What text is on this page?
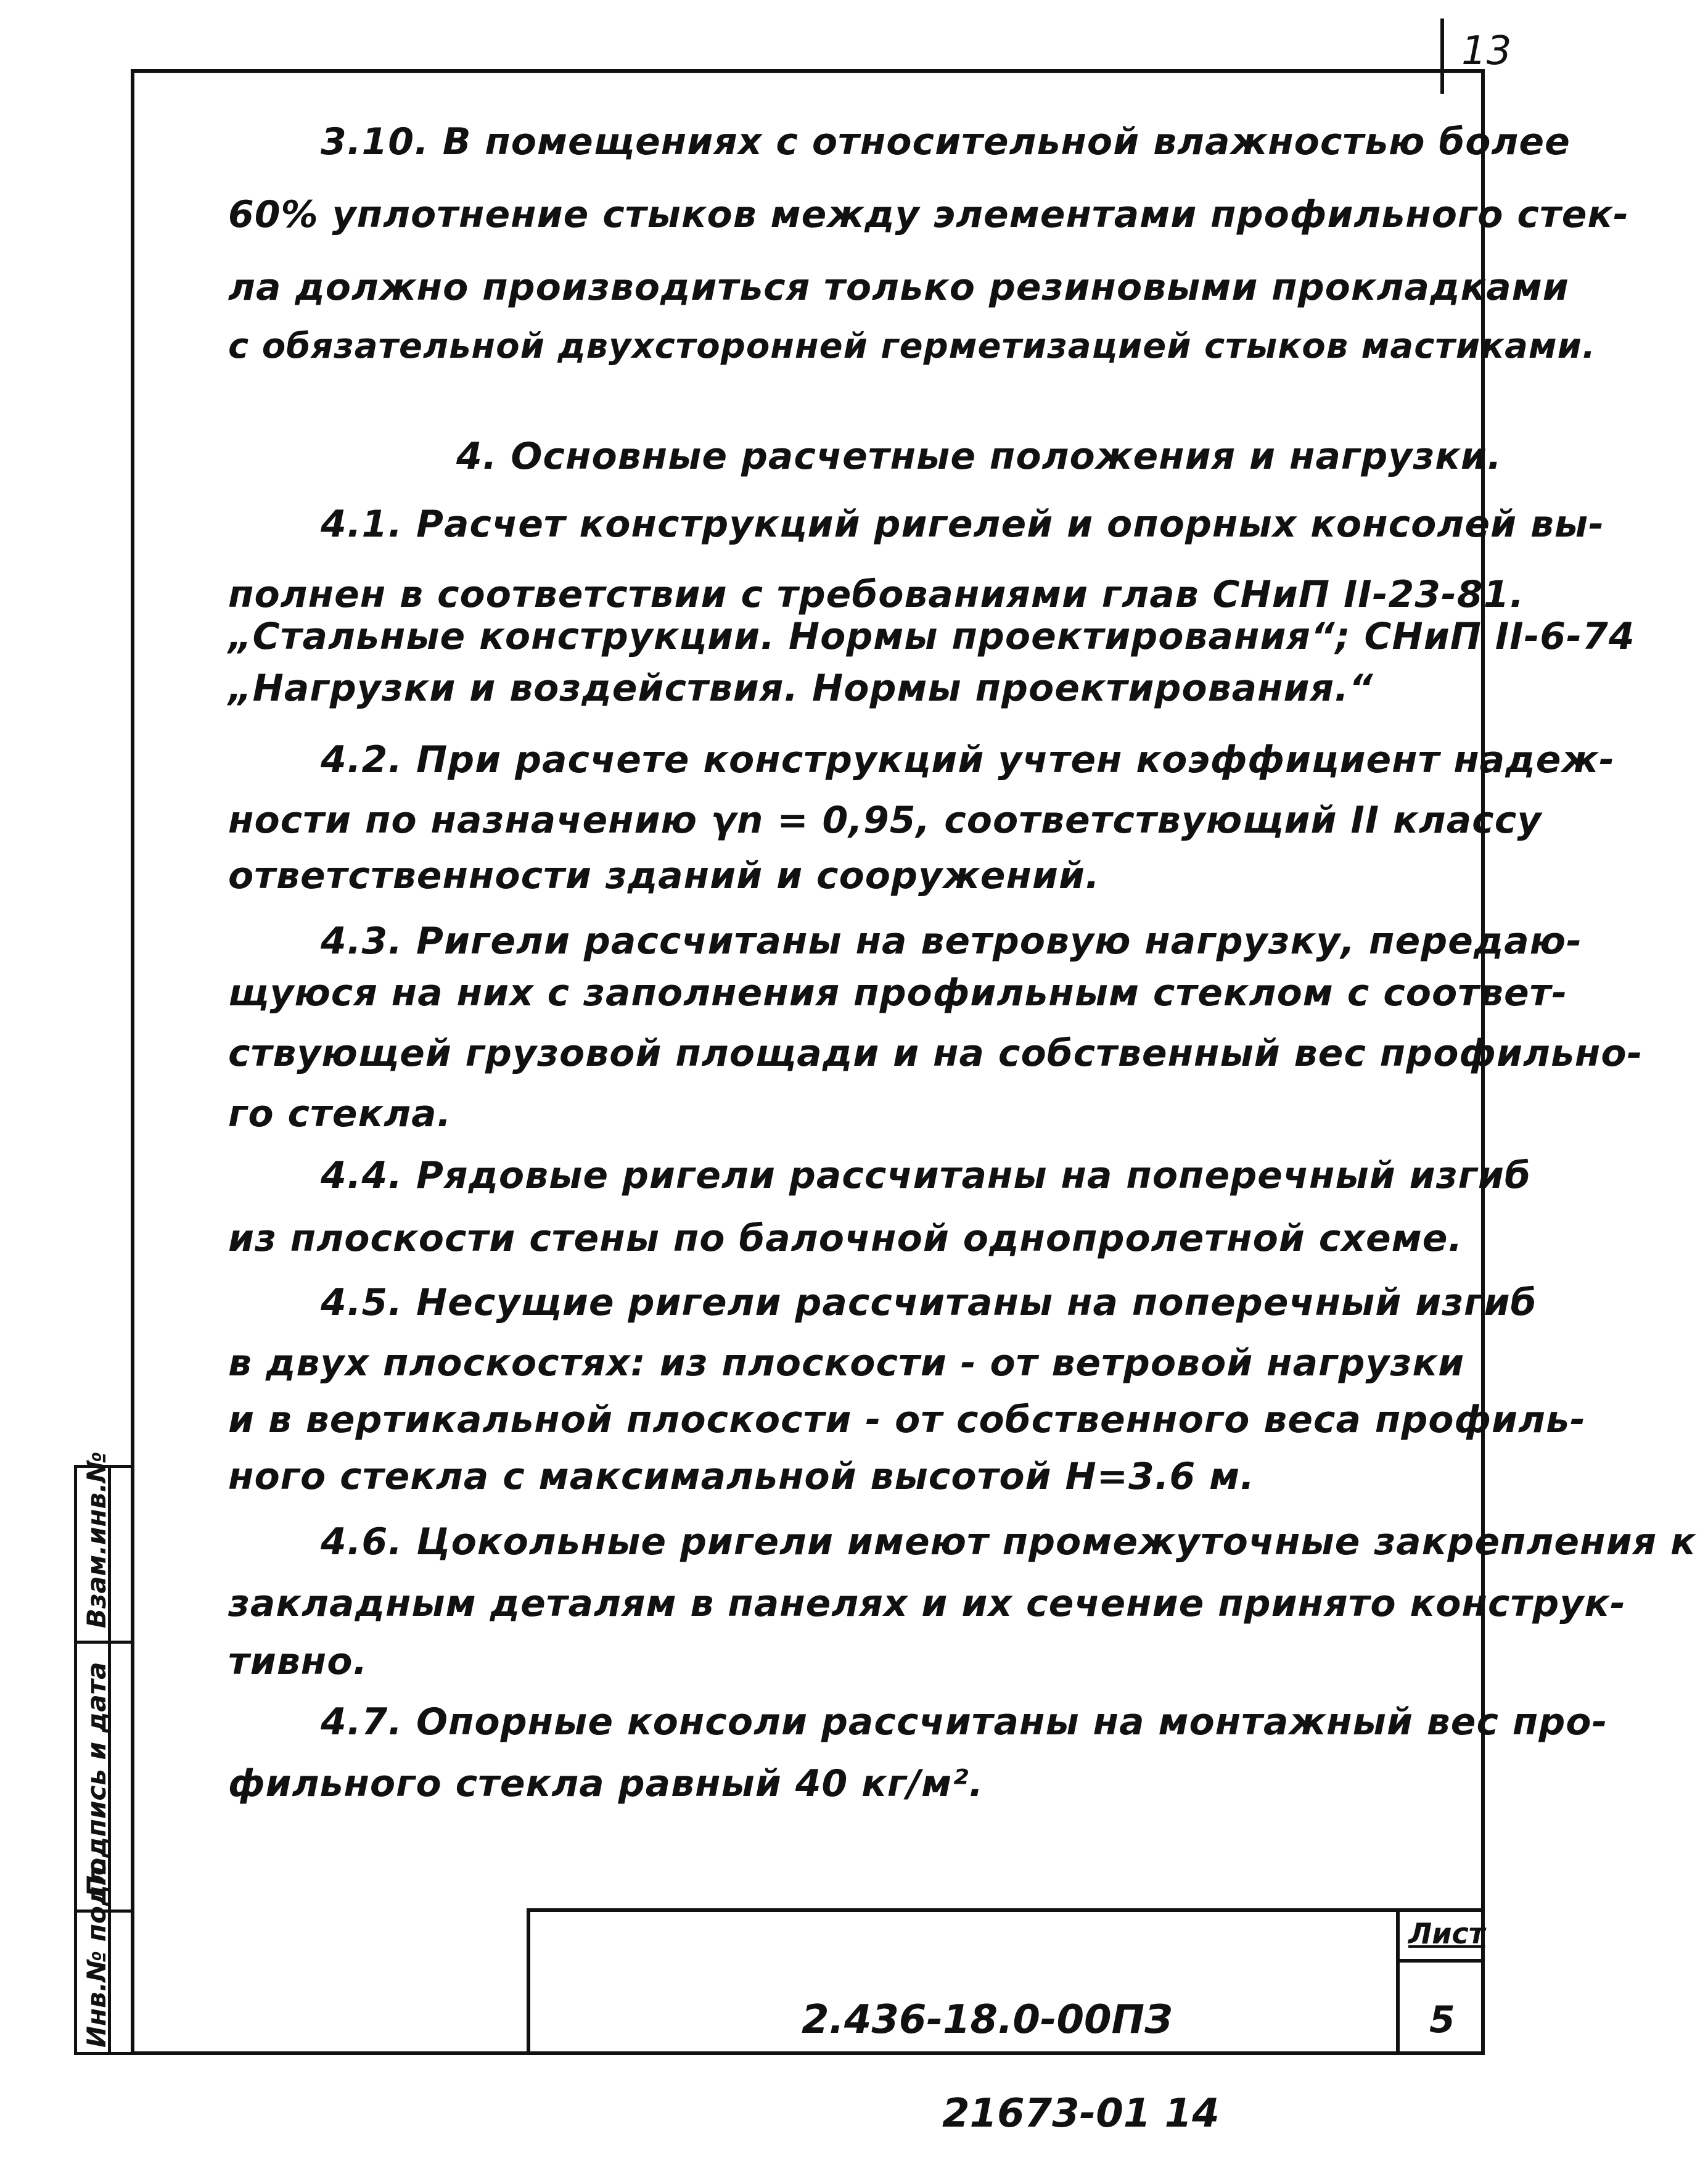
13
3.10. В помещениях с относительной влажностью более
60% уплотнение стыков между элементами профильного стек-
ла должно производиться только резиновыми прокладками
с обязательной двухсторонней герметизацией стыков мастиками.
4. Основные расчетные положения и нагрузки.
4.1. Расчет конструкций ригелей и опорных консолей вы-
полнен в соответствии с требованиями глав СНиП II-23-81.
„Стальные конструкции. Нормы проектирования“; СНиП II-6-74
„Нагрузки и воздействия. Нормы проектирования.“
4.2. При расчете конструкций учтен коэффициент надеж-
ности по назначению γn = 0,95, соответствующий II классу
ответственности зданий и сооружений.
4.3. Ригели рассчитаны на ветровую нагрузку, передаю-
щуюся на них с заполнения профильным стеклом с соответ-
ствующей грузовой площади и на собственный вес профильно-
го стекла.
4.4. Рядовые ригели рассчитаны на поперечный изгиб
из плоскости стены по балочной однопролетной схеме.
4.5. Несущие ригели рассчитаны на поперечный изгиб
в двух плоскостях: из плоскости - от ветровой нагрузки
и в вертикальной плоскости - от собственного веса профиль-
ного стекла с максимальной высотой H=3.6 м.
4.6. Цокольные ригели имеют промежуточные закрепления к
закладным деталям в панелях и их сечение принято конструк-
тивно.
4.7. Опорные консоли рассчитаны на монтажный вес про-
фильного стекла равный 40 кг/м².
Взам.инв.№
Подпись и дата
Инв.№ подл.	2.436-18.0-00ПЗ
Лист
5
21673-01 14
